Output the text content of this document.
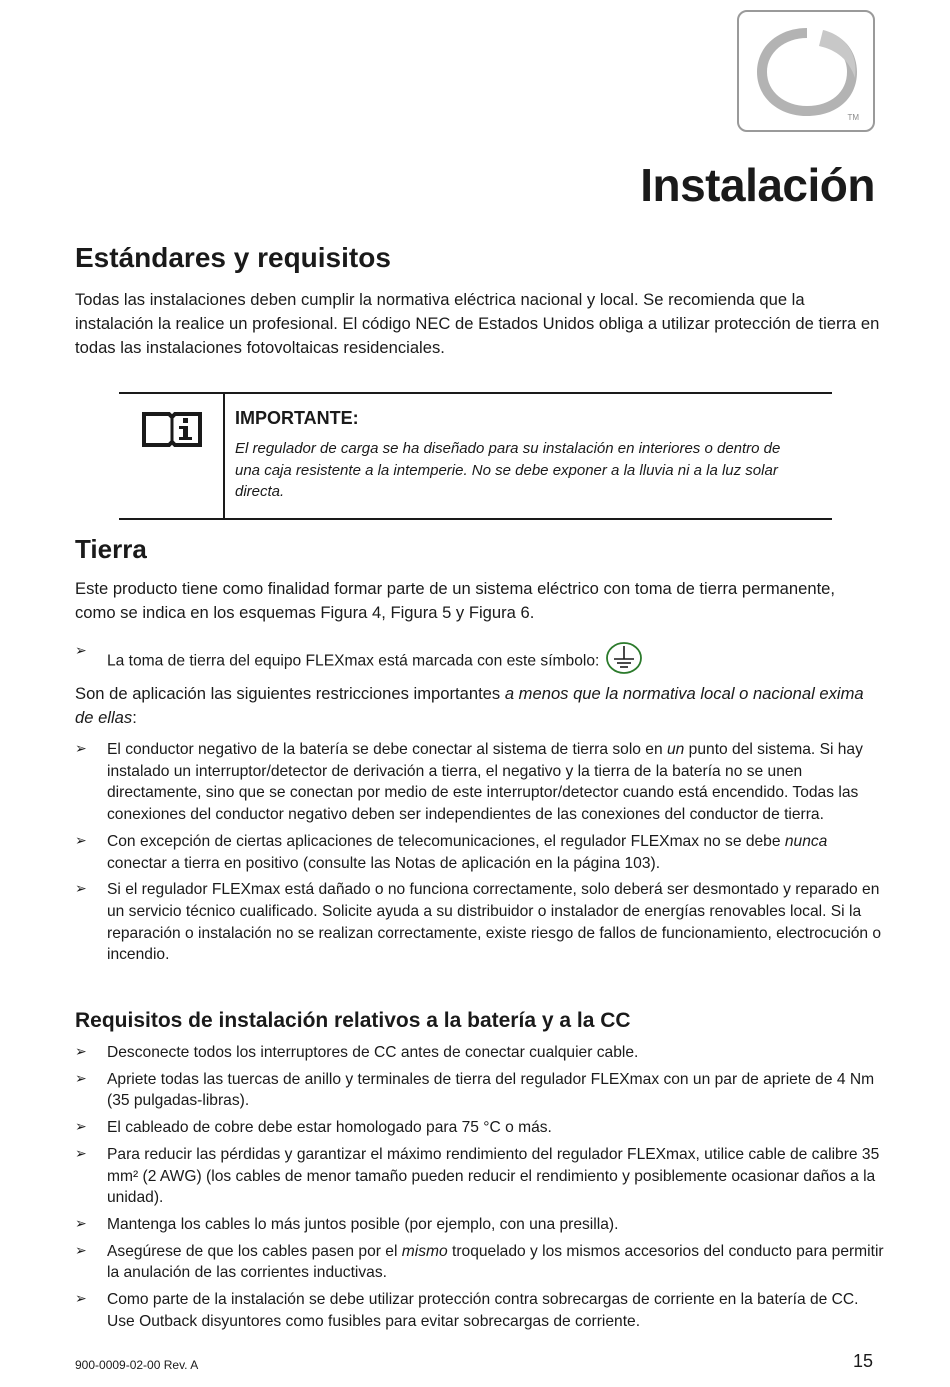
TM
Instalación
Estándares y requisitos

Todas las instalaciones deben cumplir la normativa eléctrica nacional y local. Se recomienda que la instalación la realice un profesional. El código NEC de Estados Unidos obliga a utilizar protección de tierra en todas las instalaciones fotovoltaicas residenciales.

IMPORTANTE:

El regulador de carga se ha diseñado para su instalación en interiores o dentro de una caja resistente a la intemperie. No se debe exponer a la lluvia ni a la luz solar directa.

Tierra

Este producto tiene como finalidad formar parte de un sistema eléctrico con toma de tierra permanente, como se indica en los esquemas Figura 4, Figura 5 y Figura 6.

➢ La toma de tierra del equipo FLEXmax está marcada con este símbolo:

Son de aplicación las siguientes restricciones importantes a menos que la normativa local o nacional exima de ellas:

➢ El conductor negativo de la batería se debe conectar al sistema de tierra solo en un punto del sistema. Si hay instalado un interruptor/detector de derivación a tierra, el negativo y la tierra de la batería no se unen directamente, sino que se conectan por medio de este interruptor/detector cuando está encendido. Todas las conexiones del conductor negativo deben ser independientes de las conexiones del conductor de tierra.
➢ Con excepción de ciertas aplicaciones de telecomunicaciones, el regulador FLEXmax no se debe nunca conectar a tierra en positivo (consulte las Notas de aplicación en la página 103).
➢ Si el regulador FLEXmax está dañado o no funciona correctamente, solo deberá ser desmontado y reparado en un servicio técnico cualificado. Solicite ayuda a su distribuidor o instalador de energías renovables local. Si la reparación o instalación no se realizan correctamente, existe riesgo de fallos de funcionamiento, electrocución o incendio.
Requisitos de instalación relativos a la batería y a la CC
➢ Desconecte todos los interruptores de CC antes de conectar cualquier cable.
➢ Apriete todas las tuercas de anillo y terminales de tierra del regulador FLEXmax con un par de apriete de 4 Nm (35 pulgadas-libras).
➢ El cableado de cobre debe estar homologado para 75 °C o más.
➢ Para reducir las pérdidas y garantizar el máximo rendimiento del regulador FLEXmax, utilice cable de calibre 35 mm² (2 AWG) (los cables de menor tamaño pueden reducir el rendimiento y posiblemente ocasionar daños a la unidad).
➢ Mantenga los cables lo más juntos posible (por ejemplo, con una presilla).
➢ Asegúrese de que los cables pasen por el mismo troquelado y los mismos accesorios del conducto para permitir la anulación de las corrientes inductivas.
➢ Como parte de la instalación se debe utilizar protección contra sobrecargas de corriente en la batería de CC. Use Outback disyuntores como fusibles para evitar sobrecargas de corriente.
900-0009-02-00 Rev. A	15
